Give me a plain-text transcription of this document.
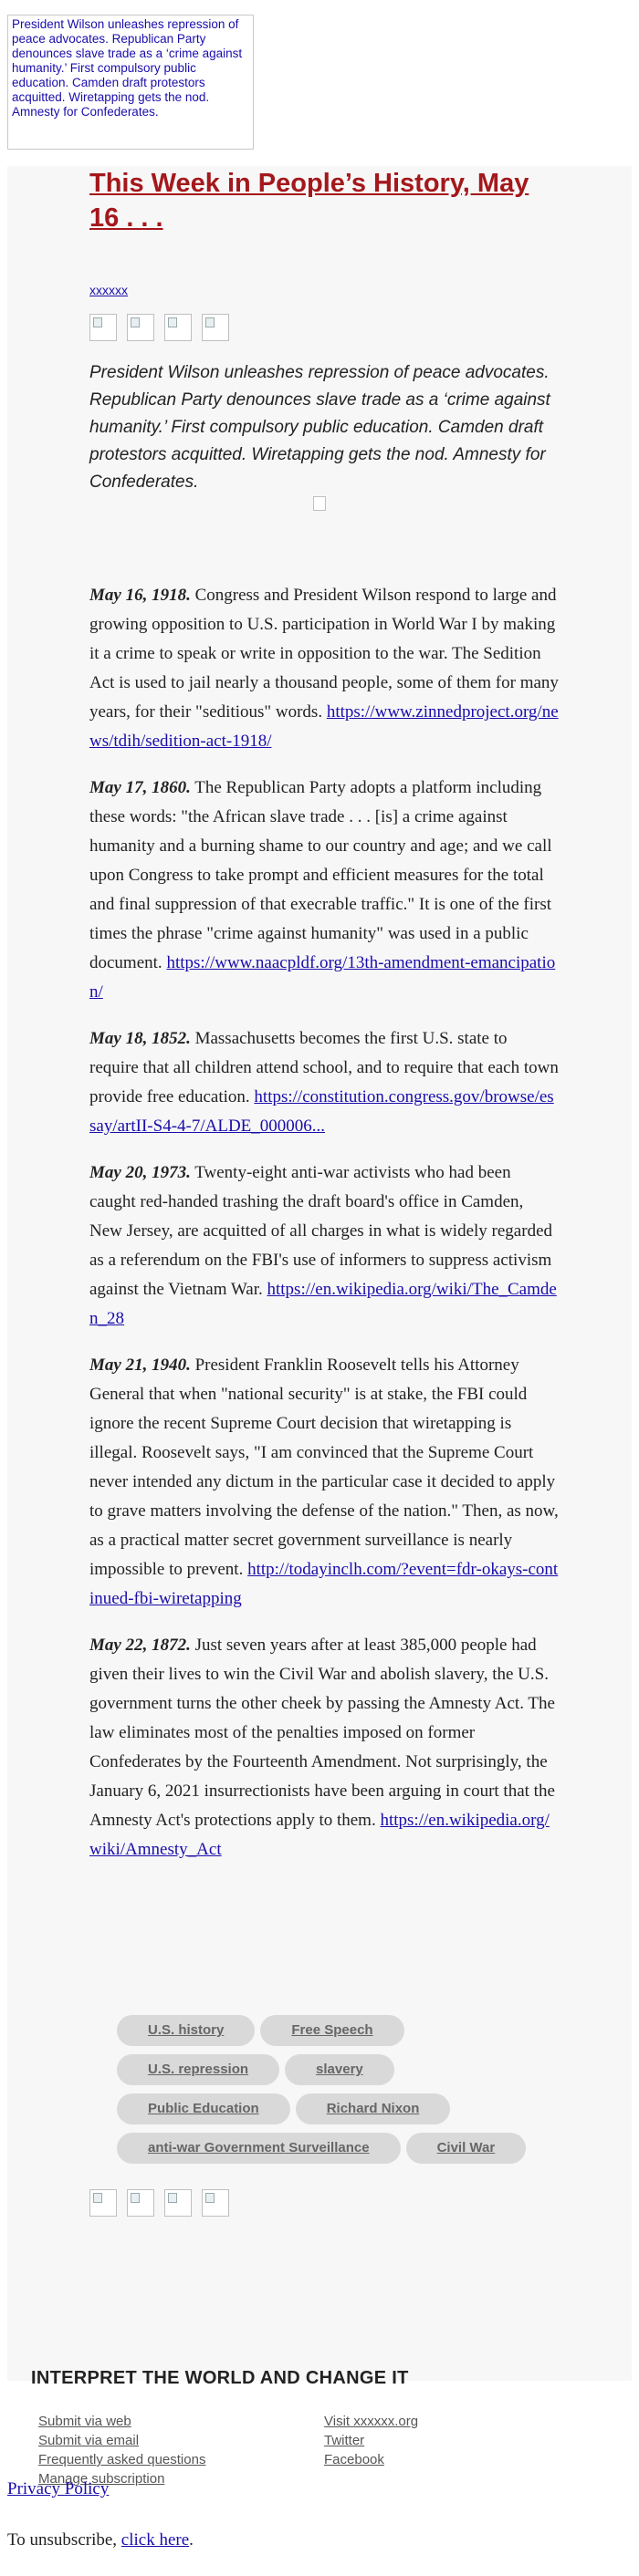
President Wilson unleashes repression of peace advocates. Republican Party denounces slave trade as a ‘crime against humanity.’ First compulsory public education. Camden draft protestors acquitted. Wiretapping gets the nod. Amnesty for Confederates.
This Week in People’s History, May 16 . . .
xxxxxx
President Wilson unleashes repression of peace advocates. Republican Party denounces slave trade as a ‘crime against humanity.’ First compulsory public education. Camden draft protestors acquitted. Wiretapping gets the nod. Amnesty for Confederates.

May 16, 1918. Congress and President Wilson respond to large and growing opposition to U.S. participation in World War I by making it a crime to speak or write in opposition to the war. The Sedition Act is used to jail nearly a thousand people, some of them for many years, for their "seditious" words. https://www.zinnedproject.org/news/tdih/sedition-act-1918/

May 17, 1860. The Republican Party adopts a platform including these words: "the African slave trade . . . [is] a crime against humanity and a burning shame to our country and age; and we call upon Congress to take prompt and efficient measures for the total and final suppression of that execrable traffic." It is one of the first times the phrase "crime against humanity" was used in a public document. https://www.naacpldf.org/13th-amendment-emancipation/

May 18, 1852. Massachusetts becomes the first U.S. state to require that all children attend school, and to require that each town provide free education. https://constitution.congress.gov/browse/essay/artII-S4-4-7/ALDE_000006...

May 20, 1973. Twenty-eight anti-war activists who had been caught red-handed trashing the draft board's office in Camden, New Jersey, are acquitted of all charges in what is widely regarded as a referendum on the FBI's use of informers to suppress activism against the Vietnam War. https://en.wikipedia.org/wiki/The_Camden_28

May 21, 1940. President Franklin Roosevelt tells his Attorney General that when "national security" is at stake, the FBI could ignore the recent Supreme Court decision that wiretapping is illegal. Roosevelt says, "I am convinced that the Supreme Court never intended any dictum in the particular case it decided to apply to grave matters involving the defense of the nation." Then, as now, as a practical matter secret government surveillance is nearly impossible to prevent. http://todayinclh.com/?event=fdr-okays-continued-fbi-wiretapping

May 22, 1872. Just seven years after at least 385,000 people had given their lives to win the Civil War and abolish slavery, the U.S. government turns the other cheek by passing the Amnesty Act. The law eliminates most of the penalties imposed on former Confederates by the Fourteenth Amendment. Not surprisingly, the January 6, 2021 insurrectionists have been arguing in court that the Amnesty Act's protections apply to them. https://en.wikipedia.org/wiki/Amnesty_Act

U.S. history	Free Speech
U.S. repression	slavery
Public Education	Richard Nixon
anti-war Government Surveillance	Civil War
INTERPRET THE WORLD AND CHANGE IT
Submit via web
Submit via email
Frequently asked questions
Manage subscription
Visit xxxxxx.org
Twitter
Facebook
Privacy Policy
To unsubscribe, click here.
